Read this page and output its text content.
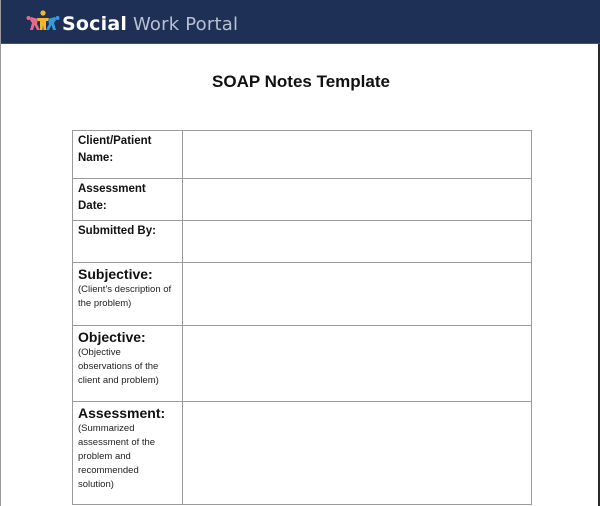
Social Work Portal
SOAP Notes Template
Client/Patient Name:	

Assessment Date:	

Submitted By:	

Subjective:
(Client's description of the problem)	

Objective:
(Objective observations of the client and problem)	

Assessment:
(Summarized assessment of the problem and recommended solution)	
